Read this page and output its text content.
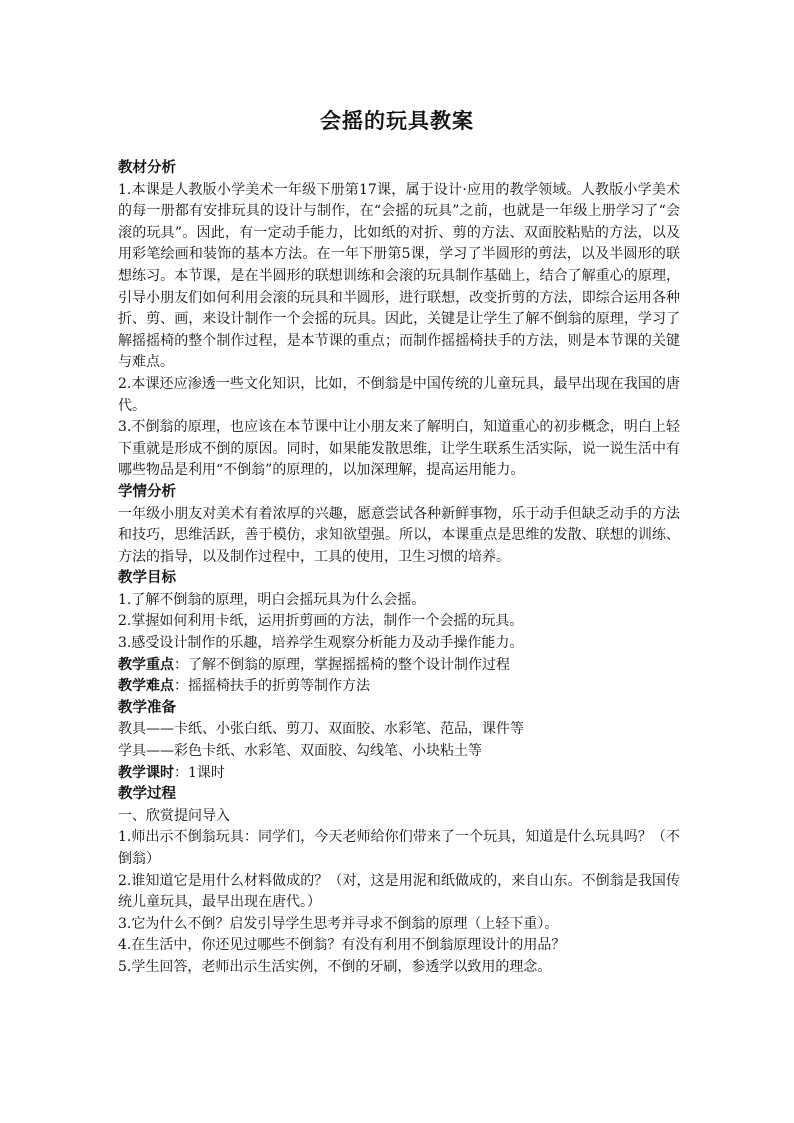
会摇的玩具教案
教材分析

1.本课是人教版小学美术一年级下册第17课，属于设计·应用的教学领域。人教版小学美术的每一册都有安排玩具的设计与制作，在“会摇的玩具”之前，也就是一年级上册学习了“会滚的玩具”。因此，有一定动手能力，比如纸的对折、剪的方法、双面胶粘贴的方法，以及用彩笔绘画和装饰的基本方法。在一年下册第5课，学习了半圆形的剪法，以及半圆形的联想练习。本节课，是在半圆形的联想训练和会滚的玩具制作基础上，结合了解重心的原理，引导小朋友们如何利用会滚的玩具和半圆形，进行联想，改变折剪的方法，即综合运用各种折、剪、画，来设计制作一个会摇的玩具。因此，关键是让学生了解不倒翁的原理，学习了解摇摇椅的整个制作过程，是本节课的重点；而制作摇摇椅扶手的方法，则是本节课的关键与难点。

2.本课还应渗透一些文化知识，比如，不倒翁是中国传统的儿童玩具，最早出现在我国的唐代。

3.不倒翁的原理，也应该在本节课中让小朋友来了解明白，知道重心的初步概念，明白上轻下重就是形成不倒的原因。同时，如果能发散思维，让学生联系生活实际，说一说生活中有哪些物品是利用“不倒翁”的原理的，以加深理解，提高运用能力。

学情分析

一年级小朋友对美术有着浓厚的兴趣，愿意尝试各种新鲜事物，乐于动手但缺乏动手的方法和技巧，思维活跃，善于模仿，求知欲望强。所以，本课重点是思维的发散、联想的训练、方法的指导，以及制作过程中，工具的使用，卫生习惯的培养。

教学目标

1.了解不倒翁的原理，明白会摇玩具为什么会摇。

2.掌握如何利用卡纸，运用折剪画的方法，制作一个会摇的玩具。

3.感受设计制作的乐趣，培养学生观察分析能力及动手操作能力。

教学重点：了解不倒翁的原理，掌握摇摇椅的整个设计制作过程

教学难点：摇摇椅扶手的折剪等制作方法

教学准备

教具——卡纸、小张白纸、剪刀、双面胶、水彩笔、范品，课件等

学具——彩色卡纸、水彩笔、双面胶、勾线笔、小块粘土等

教学课时：1课时

教学过程

一、欣赏提问导入

1.师出示不倒翁玩具：同学们，今天老师给你们带来了一个玩具，知道是什么玩具吗？（不倒翁）

2.谁知道它是用什么材料做成的？（对，这是用泥和纸做成的，来自山东。不倒翁是我国传统儿童玩具，最早出现在唐代。）

3.它为什么不倒？启发引导学生思考并寻求不倒翁的原理（上轻下重）。

4.在生活中，你还见过哪些不倒翁？有没有利用不倒翁原理设计的用品？

5.学生回答，老师出示生活实例，不倒的牙刷，参透学以致用的理念。
